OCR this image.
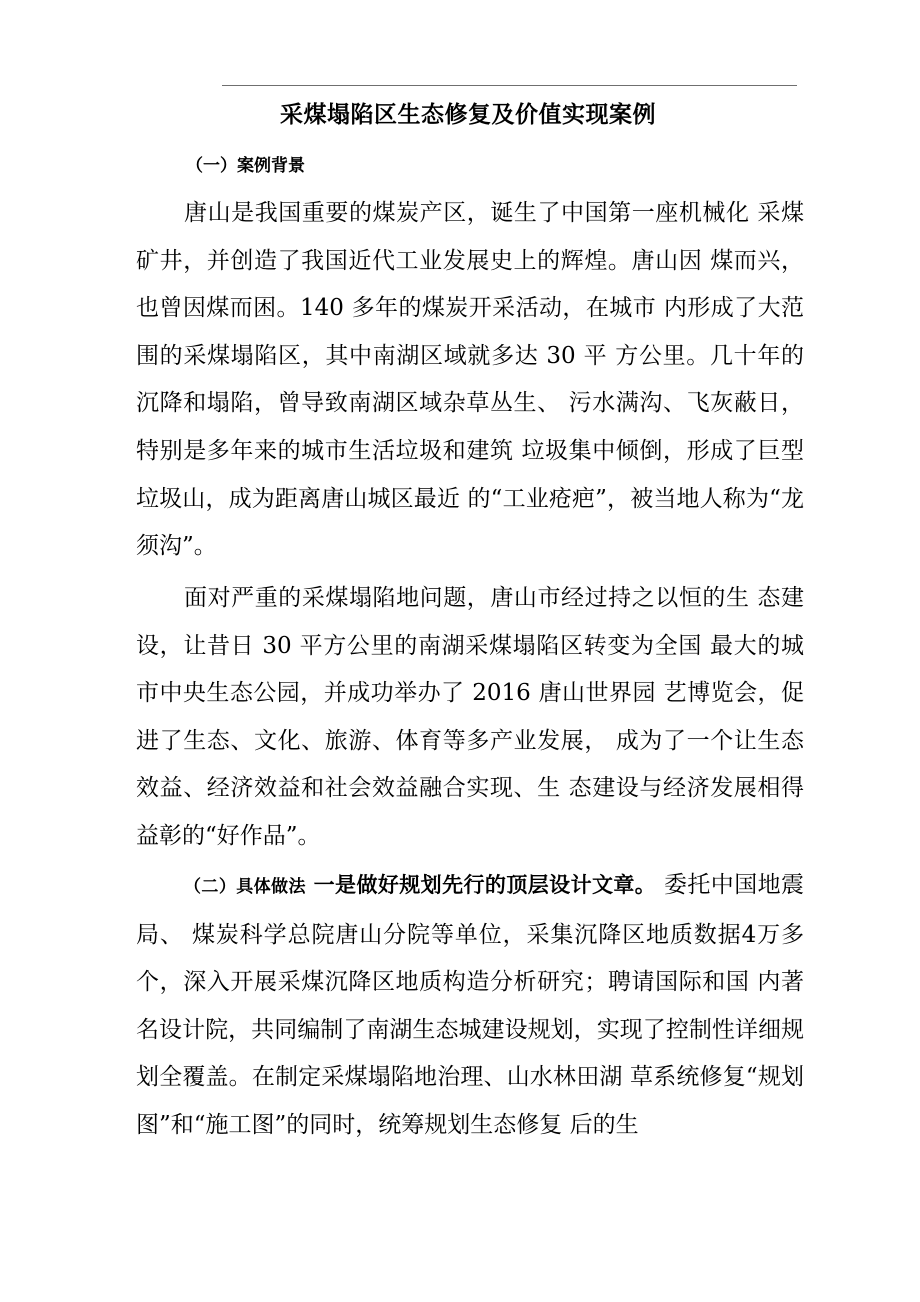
采煤塌陷区生态修复及价值实现案例
（一）案例背景

唐山是我国重要的煤炭产区，诞生了中国第一座机械化 采煤矿井，并创造了我国近代工业发展史上的辉煌。唐山因 煤而兴，也曾因煤而困。140 多年的煤炭开采活动，在城市 内形成了大范围的采煤塌陷区，其中南湖区域就多达 30 平 方公里。几十年的沉降和塌陷，曾导致南湖区域杂草丛生、 污水满沟、飞灰蔽日，特别是多年来的城市生活垃圾和建筑 垃圾集中倾倒，形成了巨型垃圾山，成为距离唐山城区最近 的“工业疮疤”，被当地人称为“龙须沟”。

面对严重的采煤塌陷地问题，唐山市经过持之以恒的生 态建设，让昔日 30 平方公里的南湖采煤塌陷区转变为全国 最大的城市中央生态公园，并成功举办了 2016 唐山世界园 艺博览会，促进了生态、文化、旅游、体育等多产业发展， 成为了一个让生态效益、经济效益和社会效益融合实现、生 态建设与经济发展相得益彰的“好作品”。

（二）具体做法 一是做好规划先行的顶层设计文章。 委托中国地震局、 煤炭科学总院唐山分院等单位，采集沉降区地质数据4万多 个，深入开展采煤沉降区地质构造分析研究；聘请国际和国 内著名设计院，共同编制了南湖生态城建设规划，实现了控制性详细规划全覆盖。在制定采煤塌陷地治理、山水林田湖 草系统修复“规划图”和“施工图”的同时，统筹规划生态修复 后的生
